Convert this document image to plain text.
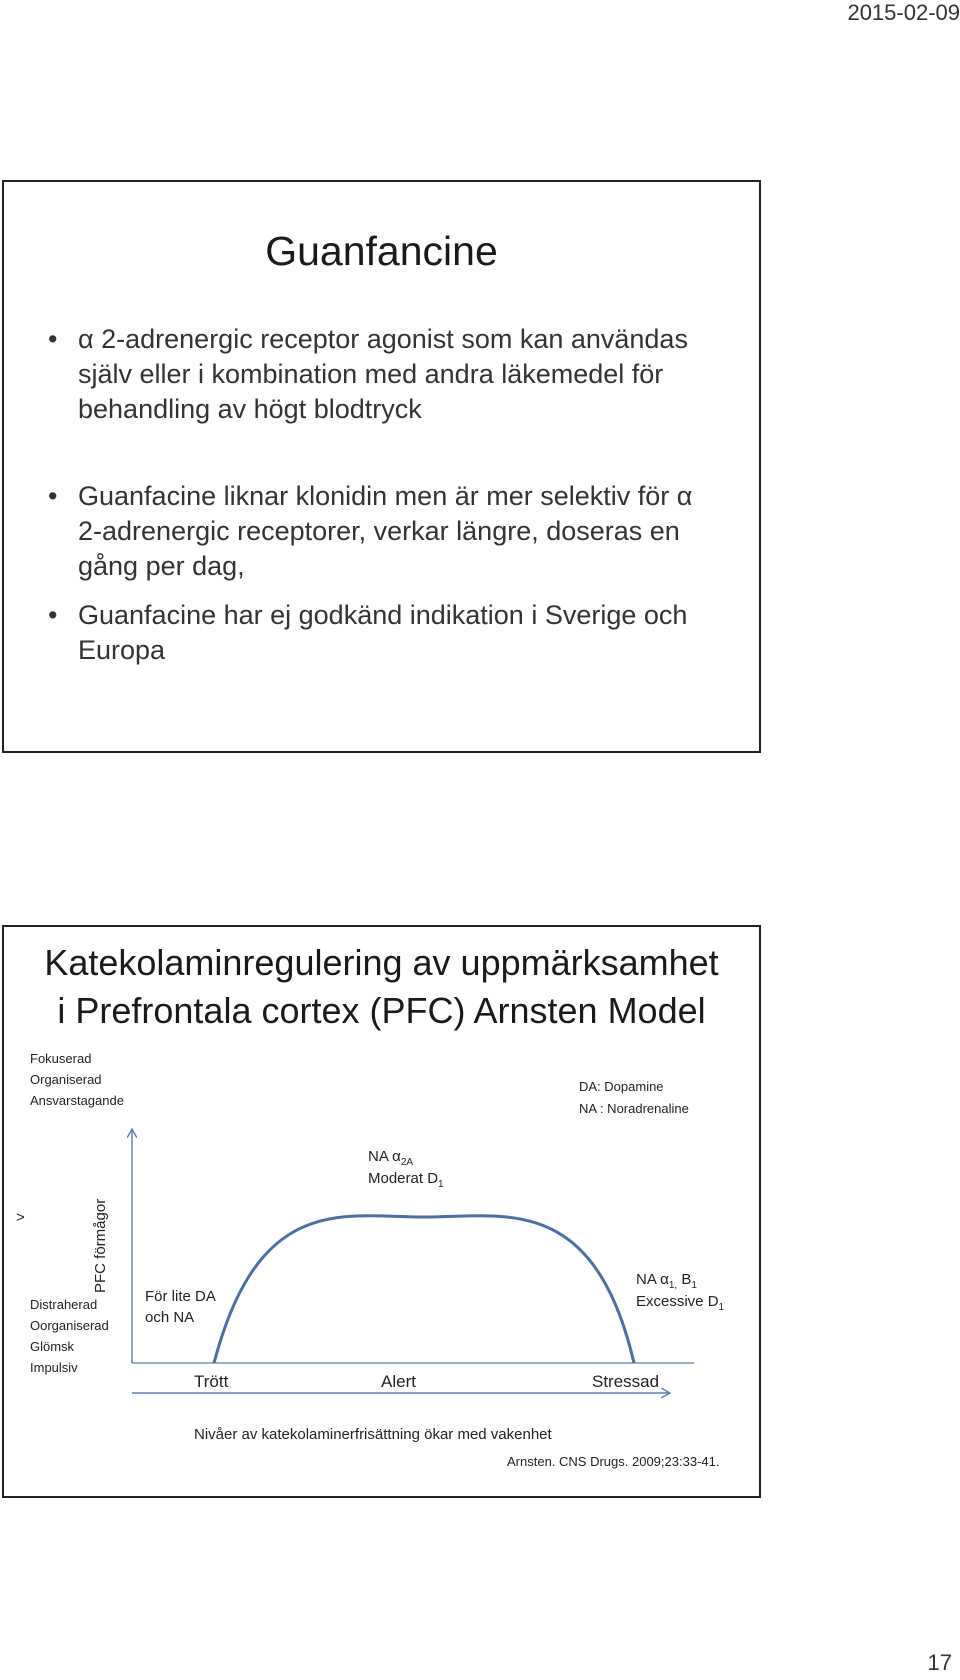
2015-02-09
Guanfancine
• α 2-adrenergic receptor agonist som kan användas själv eller i kombination med andra läkemedel för behandling av högt blodtryck
• Guanfacine liknar klonidin men är mer selektiv för α 2-adrenergic receptorer, verkar längre, doseras en gång per dag,
• Guanfacine har ej godkänd indikation i Sverige och Europa
Katekolaminregulering av uppmärksamhet
i Prefrontala cortex (PFC) Arnsten Model
Fokuserad
Organiserad
Ansvarstagande
DA: Dopamine
NA : Noradrenaline
NA $\alpha_{2A}$
Moderat $D_1$
NA $\alpha_{1,}$ $B_1$
Excessive $D_1$
För lite DA
och NA
Distraherad
Oorganiserad
Glömsk
Impulsiv
PFC förmågor
>
Trött	Alert	Stressad
Nivåer av katekolaminerfrisättning ökar med vakenhet
Arnsten. CNS Drugs. 2009;23:33-41.
17
